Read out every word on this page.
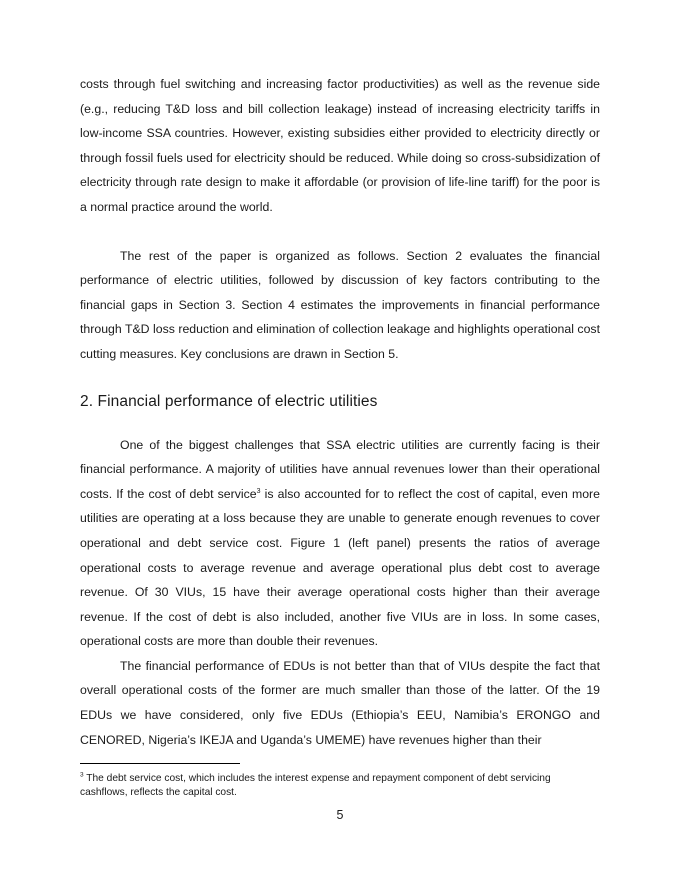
costs through fuel switching and increasing factor productivities) as well as the revenue side (e.g., reducing T&D loss and bill collection leakage) instead of increasing electricity tariffs in low-income SSA countries. However, existing subsidies either provided to electricity directly or through fossil fuels used for electricity should be reduced. While doing so cross-subsidization of electricity through rate design to make it affordable (or provision of life-line tariff) for the poor is a normal practice around the world.

The rest of the paper is organized as follows. Section 2 evaluates the financial performance of electric utilities, followed by discussion of key factors contributing to the financial gaps in Section 3. Section 4 estimates the improvements in financial performance through T&D loss reduction and elimination of collection leakage and highlights operational cost cutting measures. Key conclusions are drawn in Section 5.

2. Financial performance of electric utilities

One of the biggest challenges that SSA electric utilities are currently facing is their financial performance. A majority of utilities have annual revenues lower than their operational costs. If the cost of debt service$^3$ is also accounted for to reflect the cost of capital, even more utilities are operating at a loss because they are unable to generate enough revenues to cover operational and debt service cost. Figure 1 (left panel) presents the ratios of average operational costs to average revenue and average operational plus debt cost to average revenue. Of 30 VIUs, 15 have their average operational costs higher than their average revenue. If the cost of debt is also included, another five VIUs are in loss. In some cases, operational costs are more than double their revenues.

The financial performance of EDUs is not better than that of VIUs despite the fact that overall operational costs of the former are much smaller than those of the latter. Of the 19 EDUs we have considered, only five EDUs (Ethiopia’s EEU, Namibia’s ERONGO and CENORED, Nigeria’s IKEJA and Uganda’s UMEME) have revenues higher than their

$^3$ The debt service cost, which includes the interest expense and repayment component of debt servicing cashflows, reflects the capital cost.

5
